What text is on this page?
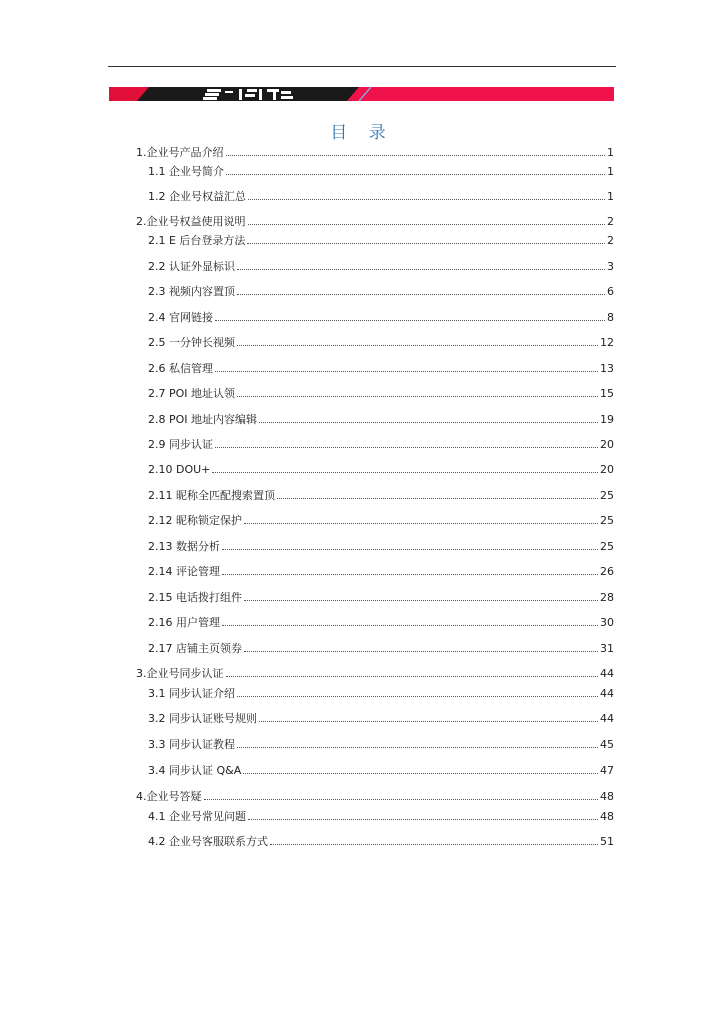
目 录
1.企业号产品介绍	1
1.1 企业号简介	1
1.2 企业号权益汇总	1
2.企业号权益使用说明	2
2.1 E 后台登录方法	2
2.2 认证外显标识	3
2.3 视频内容置顶	6
2.4 官网链接	8
2.5 一分钟长视频	12
2.6 私信管理	13
2.7 POI 地址认领	15
2.8 POI 地址内容编辑	19
2.9 同步认证	20
2.10 DOU+	20
2.11 昵称全匹配搜索置顶	25
2.12 昵称锁定保护	25
2.13 数据分析	25
2.14 评论管理	26
2.15 电话拨打组件	28
2.16 用户管理	30
2.17 店铺主页领券	31
3.企业号同步认证	44
3.1 同步认证介绍	44
3.2 同步认证账号规则	44
3.3 同步认证教程	45
3.4 同步认证 Q&A	47
4.企业号答疑	48
4.1 企业号常见问题	48
4.2 企业号客服联系方式	51
